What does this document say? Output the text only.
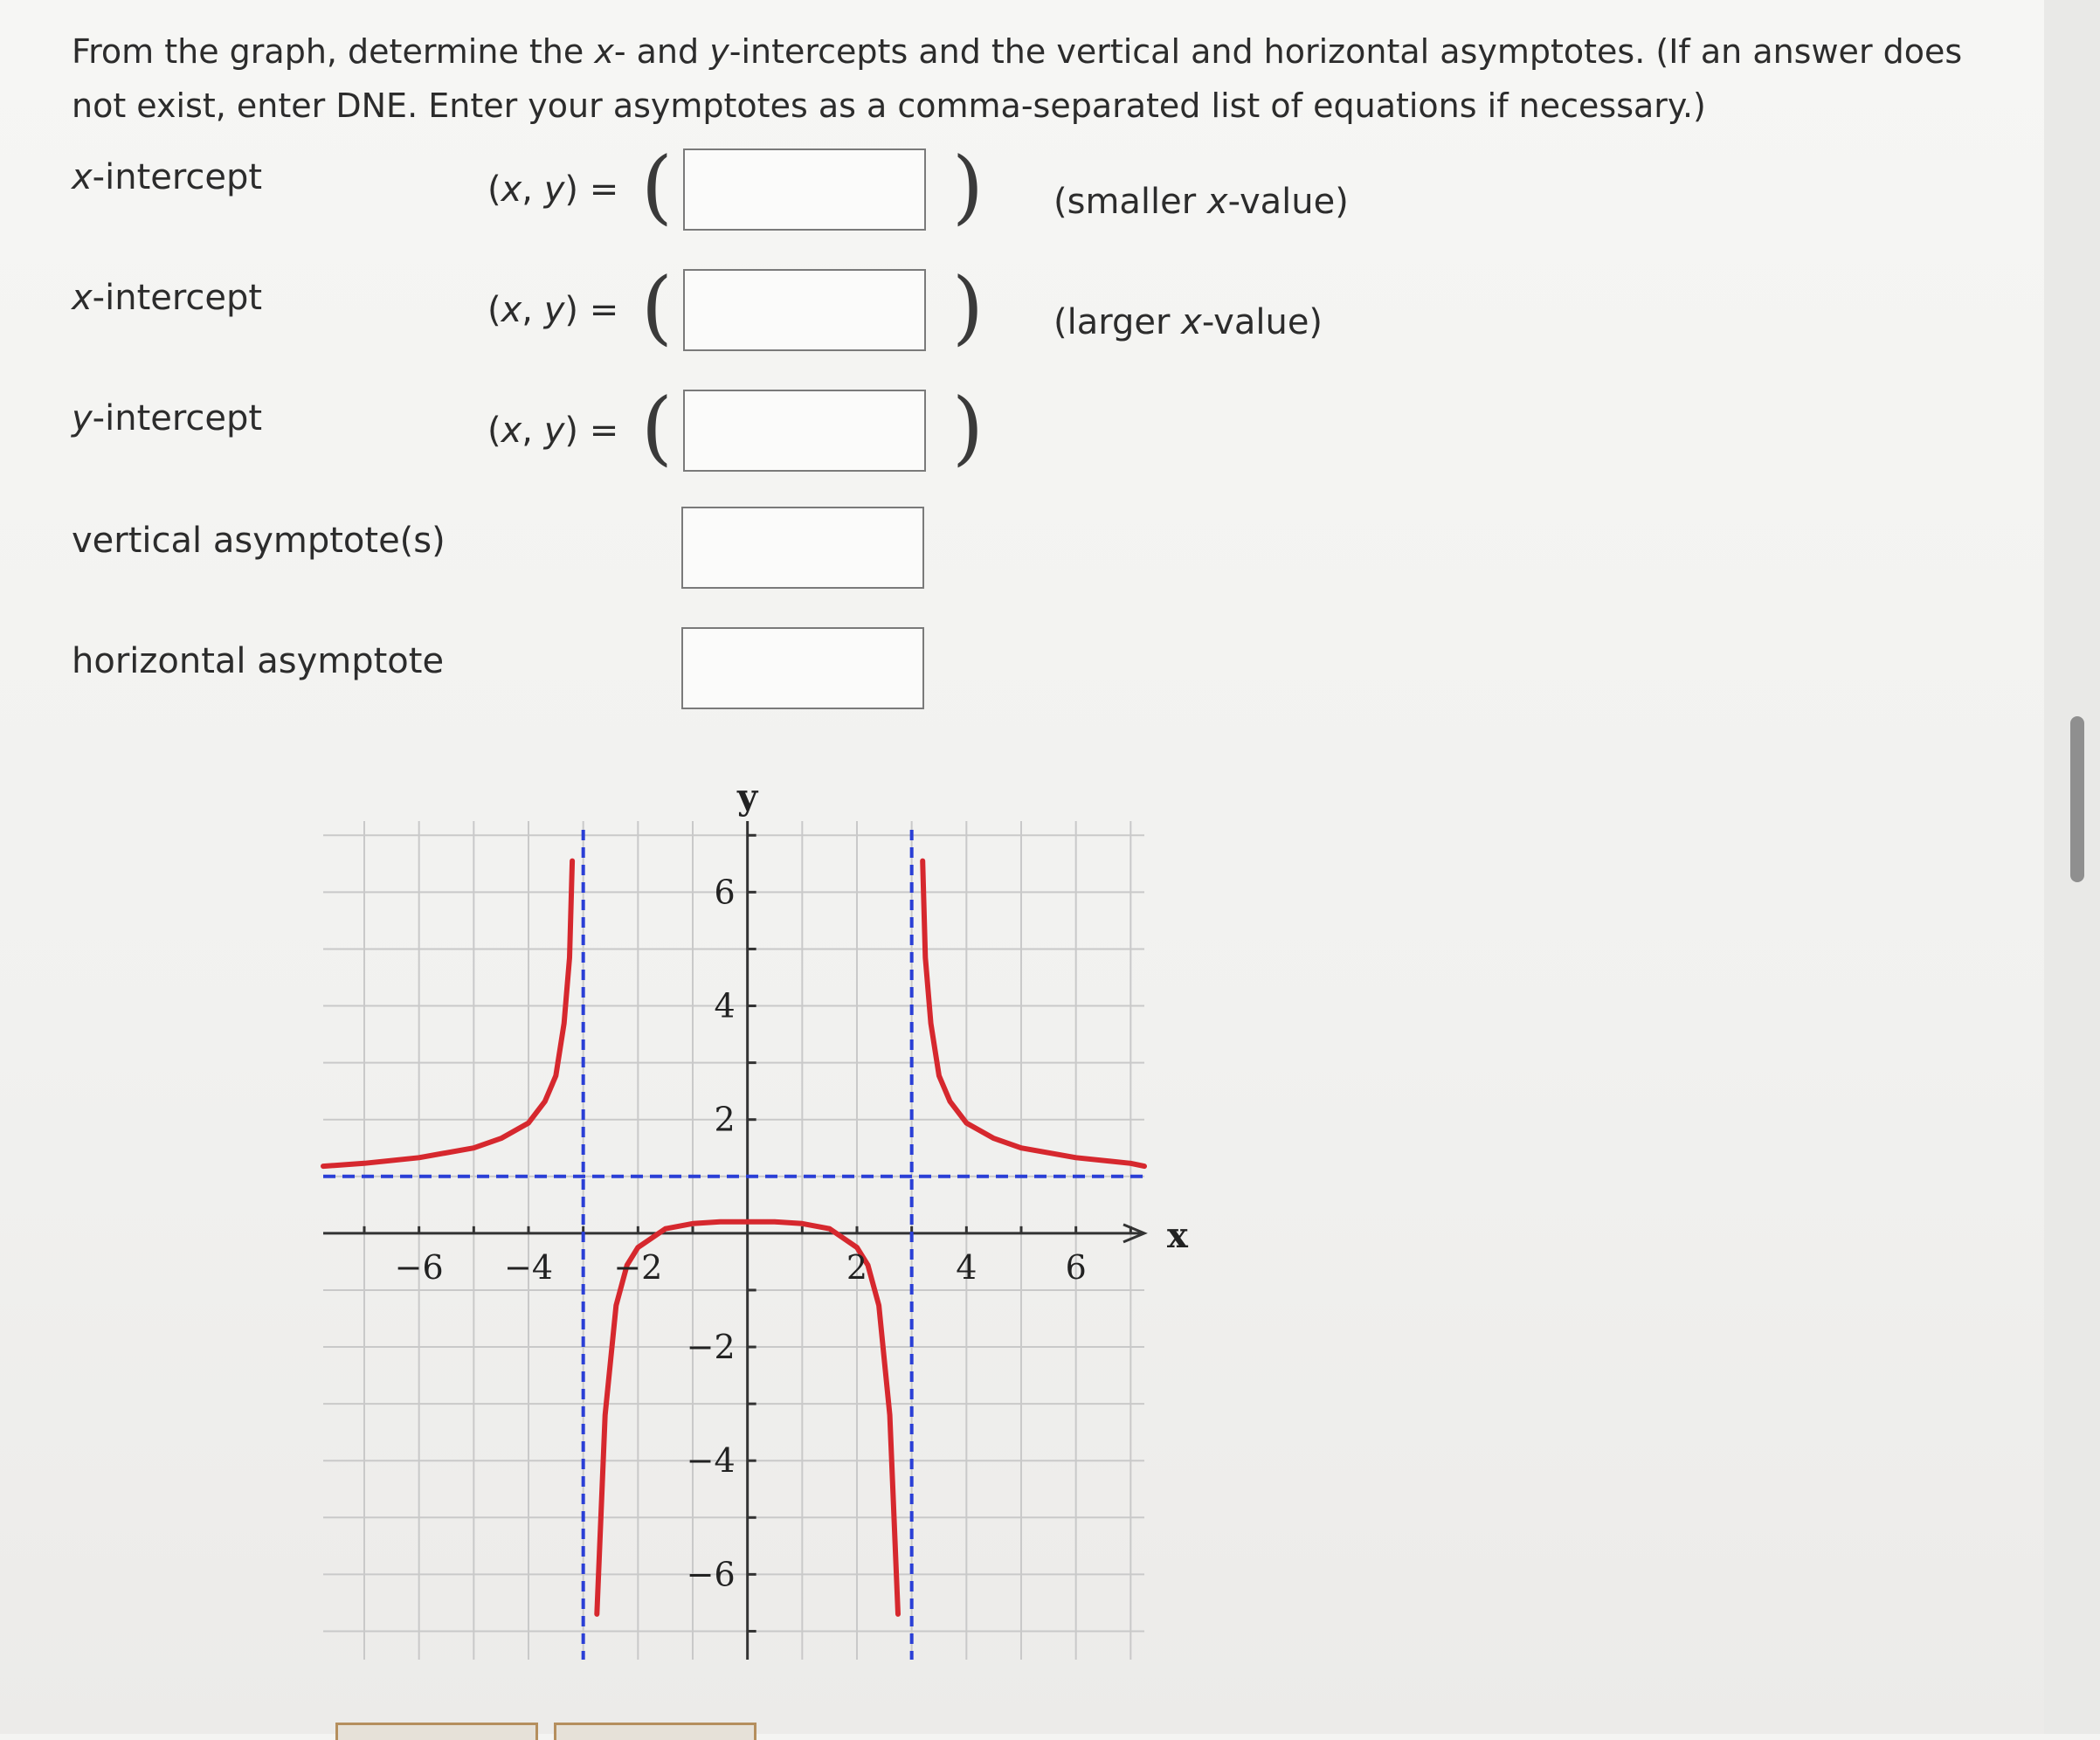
From the graph, determine the x- and y-intercepts and the vertical and horizontal asymptotes. (If an answer does not exist, enter DNE. Enter your asymptotes as a comma-separated list of equations if necessary.)

x-intercept	(x, y) = (	) (smaller x-value)
x-intercept	(x, y) = (	) (larger x-value)
y-intercept	(x, y) = (	)
vertical asymptote(s)
horizontal asymptote
−6 −4 −2	2	4	6
6
4
2
−2
−4
−6
x
y
